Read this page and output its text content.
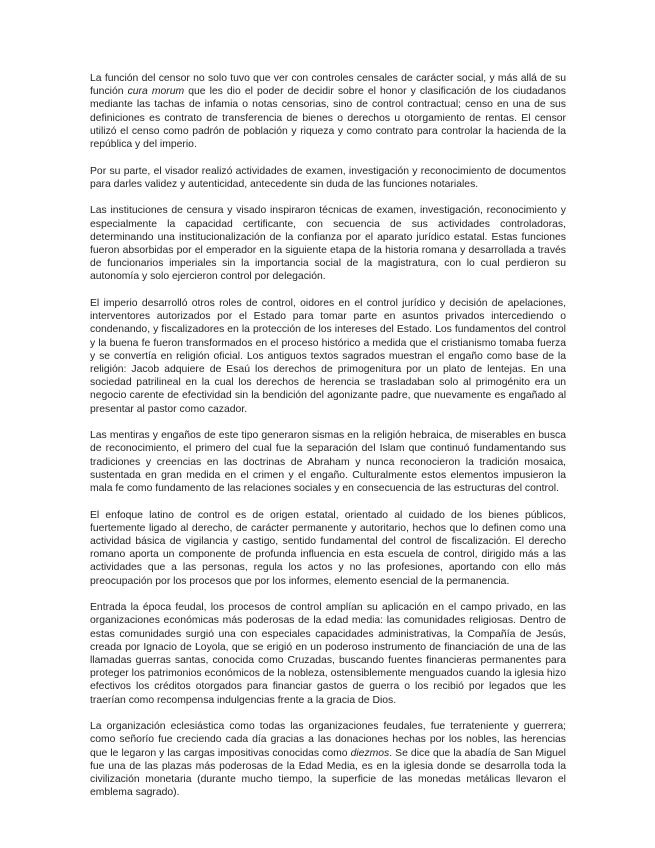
La función del censor no solo tuvo que ver con controles censales de carácter social, y más allá de su función cura morum que les dio el poder de decidir sobre el honor y clasificación de los ciudadanos mediante las tachas de infamia o notas censorias, sino de control contractual; censo en una de sus definiciones es contrato de transferencia de bienes o derechos u otorgamiento de rentas. El censor utilizó el censo como padrón de población y riqueza y como contrato para controlar la hacienda de la república y del imperio.

Por su parte, el visador realizó actividades de examen, investigación y reconocimiento de documentos para darles validez y autenticidad, antecedente sin duda de las funciones notariales.

Las instituciones de censura y visado inspiraron técnicas de examen, investigación, reconocimiento y especialmente la capacidad certificante, con secuencia de sus actividades controladoras, determinando una institucionalización de la confianza por el aparato jurídico estatal. Estas funciones fueron absorbidas por el emperador en la siguiente etapa de la historia romana y desarrollada a través de funcionarios imperiales sin la importancia social de la magistratura, con lo cual perdieron su autonomía y solo ejercieron control por delegación.

El imperio desarrolló otros roles de control, oidores en el control jurídico y decisión de apelaciones, interventores autorizados por el Estado para tomar parte en asuntos privados intercediendo o condenando, y fiscalizadores en la protección de los intereses del Estado. Los fundamentos del control y la buena fe fueron transformados en el proceso histórico a medida que el cristianismo tomaba fuerza y se convertía en religión oficial. Los antiguos textos sagrados muestran el engaño como base de la religión: Jacob adquiere de Esaú los derechos de primogenitura por un plato de lentejas. En una sociedad patrilineal en la cual los derechos de herencia se trasladaban solo al primogénito era un negocio carente de efectividad sin la bendición del agonizante padre, que nuevamente es engañado al presentar al pastor como cazador.

Las mentiras y engaños de este tipo generaron sismas en la religión hebraica, de miserables en busca de reconocimiento, el primero del cual fue la separación del Islam que continuó fundamentando sus tradiciones y creencias en las doctrinas de Abraham y nunca reconocieron la tradición mosaica, sustentada en gran medida en el crimen y el engaño. Culturalmente estos elementos impusieron la mala fe como fundamento de las relaciones sociales y en consecuencia de las estructuras del control.

El enfoque latino de control es de origen estatal, orientado al cuidado de los bienes públicos, fuertemente ligado al derecho, de carácter permanente y autoritario, hechos que lo definen como una actividad básica de vigilancia y castigo, sentido fundamental del control de fiscalización. El derecho romano aporta un componente de profunda influencia en esta escuela de control, dirigido más a las actividades que a las personas, regula los actos y no las profesiones, aportando con ello más preocupación por los procesos que por los informes, elemento esencial de la permanencia.

Entrada la época feudal, los procesos de control amplían su aplicación en el campo privado, en las organizaciones económicas más poderosas de la edad media: las comunidades religiosas. Dentro de estas comunidades surgió una con especiales capacidades administrativas, la Compañía de Jesús, creada por Ignacio de Loyola, que se erigió en un poderoso instrumento de financiación de una de las llamadas guerras santas, conocida como Cruzadas, buscando fuentes financieras permanentes para proteger los patrimonios económicos de la nobleza, ostensiblemente menguados cuando la iglesia hizo efectivos los créditos otorgados para financiar gastos de guerra o los recibió por legados que les traerían como recompensa indulgencias frente a la gracia de Dios.

La organización eclesiástica como todas las organizaciones feudales, fue terrateniente y guerrera; como señorío fue creciendo cada día gracias a las donaciones hechas por los nobles, las herencias que le legaron y las cargas impositivas conocidas como diezmos. Se dice que la abadía de San Miguel fue una de las plazas más poderosas de la Edad Media, es en la iglesia donde se desarrolla toda la civilización monetaria (durante mucho tiempo, la superficie de las monedas metálicas llevaron el emblema sagrado).
